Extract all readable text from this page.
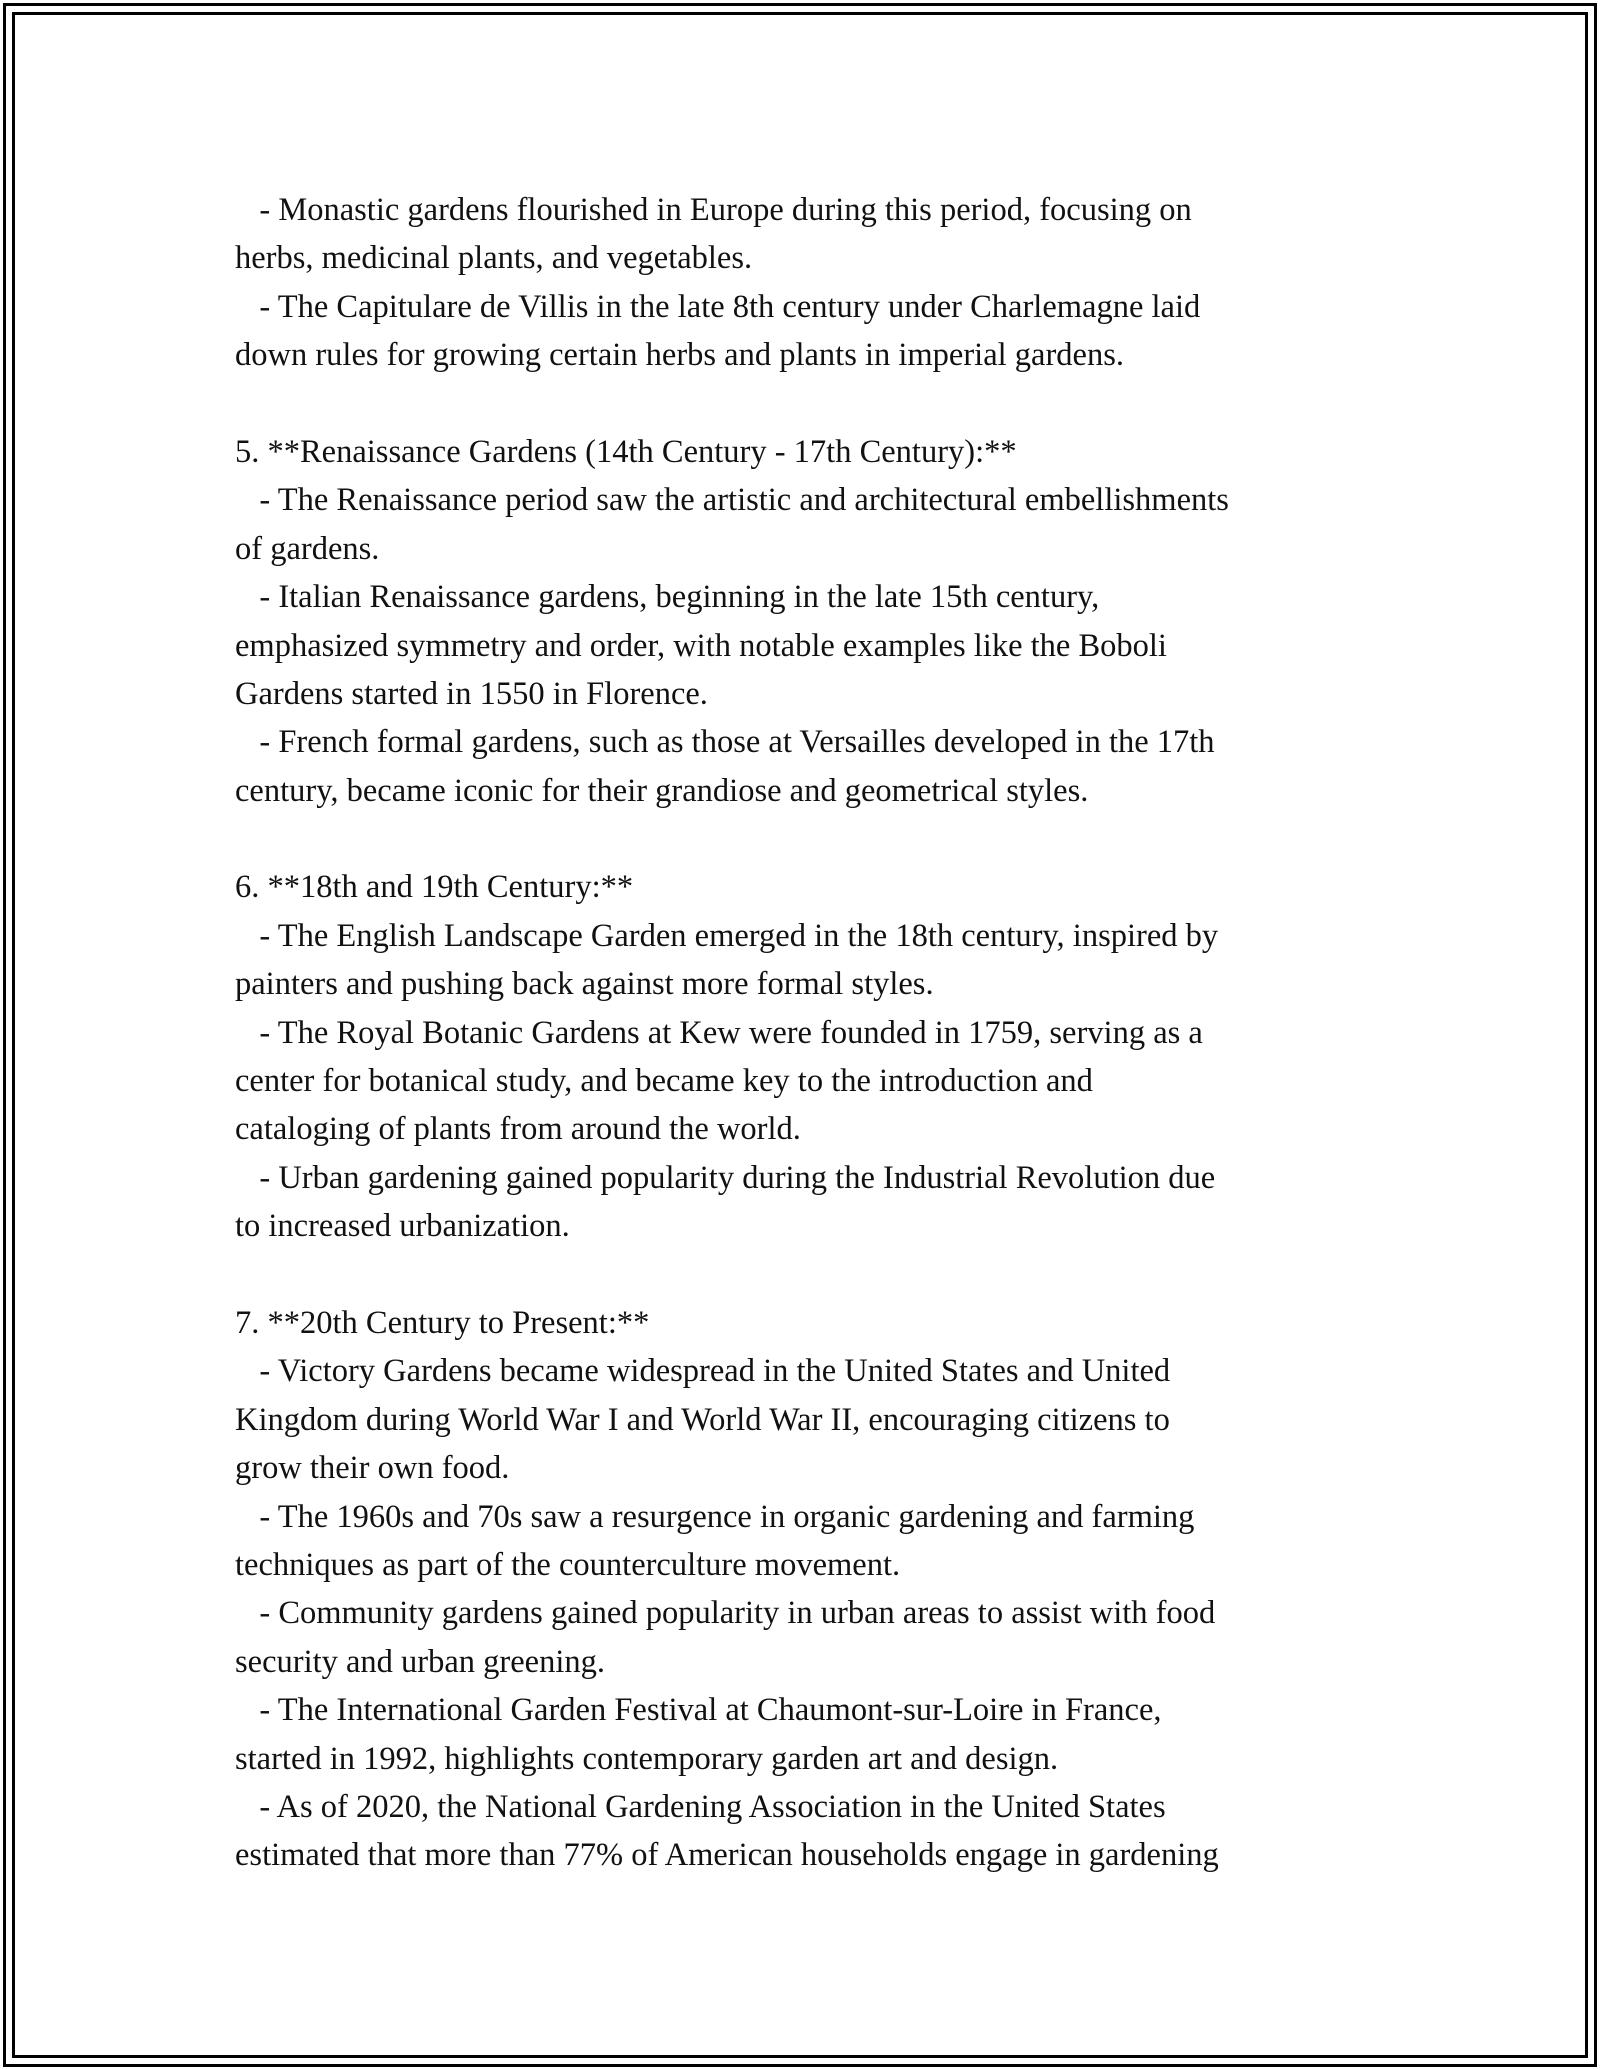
- Monastic gardens flourished in Europe during this period, focusing on
herbs, medicinal plants, and vegetables.
- The Capitulare de Villis in the late 8th century under Charlemagne laid
down rules for growing certain herbs and plants in imperial gardens.
5. **Renaissance Gardens (14th Century - 17th Century):**
- The Renaissance period saw the artistic and architectural embellishments
of gardens.
- Italian Renaissance gardens, beginning in the late 15th century,
emphasized symmetry and order, with notable examples like the Boboli
Gardens started in 1550 in Florence.
- French formal gardens, such as those at Versailles developed in the 17th
century, became iconic for their grandiose and geometrical styles.
6. **18th and 19th Century:**
- The English Landscape Garden emerged in the 18th century, inspired by
painters and pushing back against more formal styles.
- The Royal Botanic Gardens at Kew were founded in 1759, serving as a
center for botanical study, and became key to the introduction and
cataloging of plants from around the world.
- Urban gardening gained popularity during the Industrial Revolution due
to increased urbanization.
7. **20th Century to Present:**
- Victory Gardens became widespread in the United States and United
Kingdom during World War I and World War II, encouraging citizens to
grow their own food.
- The 1960s and 70s saw a resurgence in organic gardening and farming
techniques as part of the counterculture movement.
- Community gardens gained popularity in urban areas to assist with food
security and urban greening.
- The International Garden Festival at Chaumont-sur-Loire in France,
started in 1992, highlights contemporary garden art and design.
- As of 2020, the National Gardening Association in the United States
estimated that more than 77% of American households engage in gardening
